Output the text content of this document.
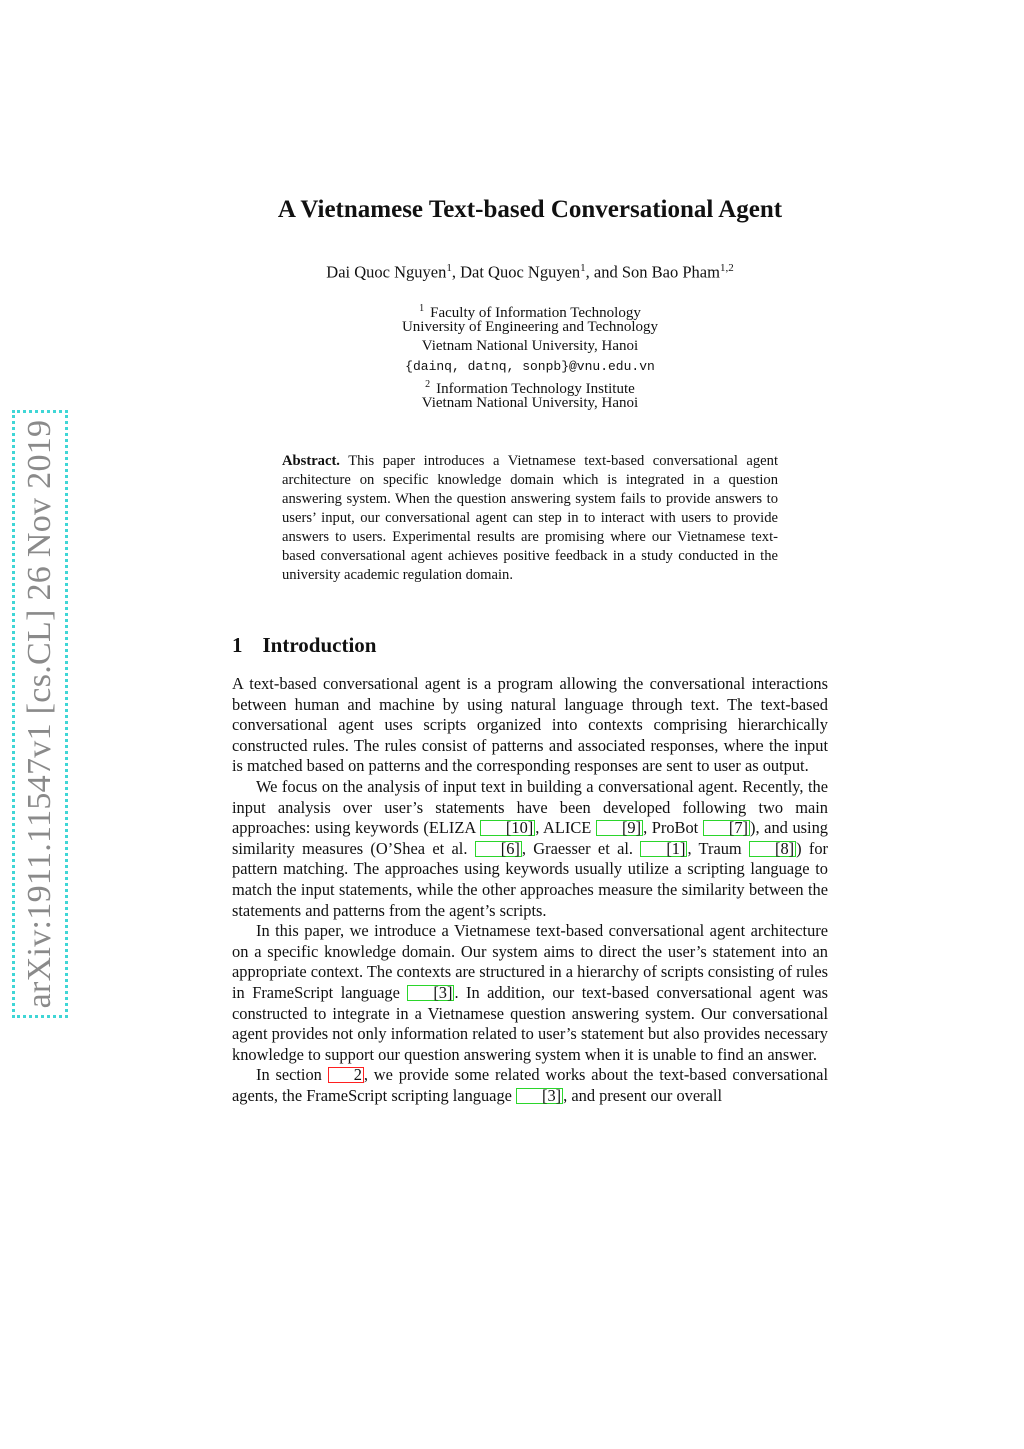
arXiv:1911.11547v1 [cs.CL] 26 Nov 2019
A Vietnamese Text-based Conversational Agent
Dai Quoc Nguyen$^1$, Dat Quoc Nguyen$^1$, and Son Bao Pham$^{1,2}$
$^1$ Faculty of Information Technology
University of Engineering and Technology
Vietnam National University, Hanoi
{dainq, datnq, sonpb}@vnu.edu.vn
$^2$ Information Technology Institute
Vietnam National University, Hanoi
Abstract. This paper introduces a Vietnamese text-based conversational agent architecture on specific knowledge domain which is integrated in a question answering system. When the question answering system fails to provide answers to users’ input, our conversational agent can step in to interact with users to provide answers to users. Experimental results are promising where our Vietnamese text-based conversational agent achieves positive feedback in a study conducted in the university academic regulation domain.
1 Introduction

A text-based conversational agent is a program allowing the conversational interactions between human and machine by using natural language through text. The text-based conversational agent uses scripts organized into contexts comprising hierarchically constructed rules. The rules consist of patterns and associated responses, where the input is matched based on patterns and the corresponding responses are sent to user as output.

We focus on the analysis of input text in building a conversational agent. Recently, the input analysis over user’s statements have been developed following two main approaches: using keywords (ELIZA [10] , ALICE [9] , ProBot [7] ), and using similarity measures (O’Shea et al. [6] , Graesser et al. [1] , Traum [8] ) for pattern matching. The approaches using keywords usually utilize a scripting language to match the input statements, while the other approaches measure the similarity between the statements and patterns from the agent’s scripts.

In this paper, we introduce a Vietnamese text-based conversational agent architecture on a specific knowledge domain. Our system aims to direct the user’s statement into an appropriate context. The contexts are structured in a hierarchy of scripts consisting of rules in FrameScript language [3] . In addition, our text-based conversational agent was constructed to integrate in a Vietnamese question answering system. Our conversational agent provides not only information related to user’s statement but also provides necessary knowledge to support our question answering system when it is unable to find an answer.

In section 2 , we provide some related works about the text-based conversational agents, the FrameScript scripting language [3] , and present our overall
